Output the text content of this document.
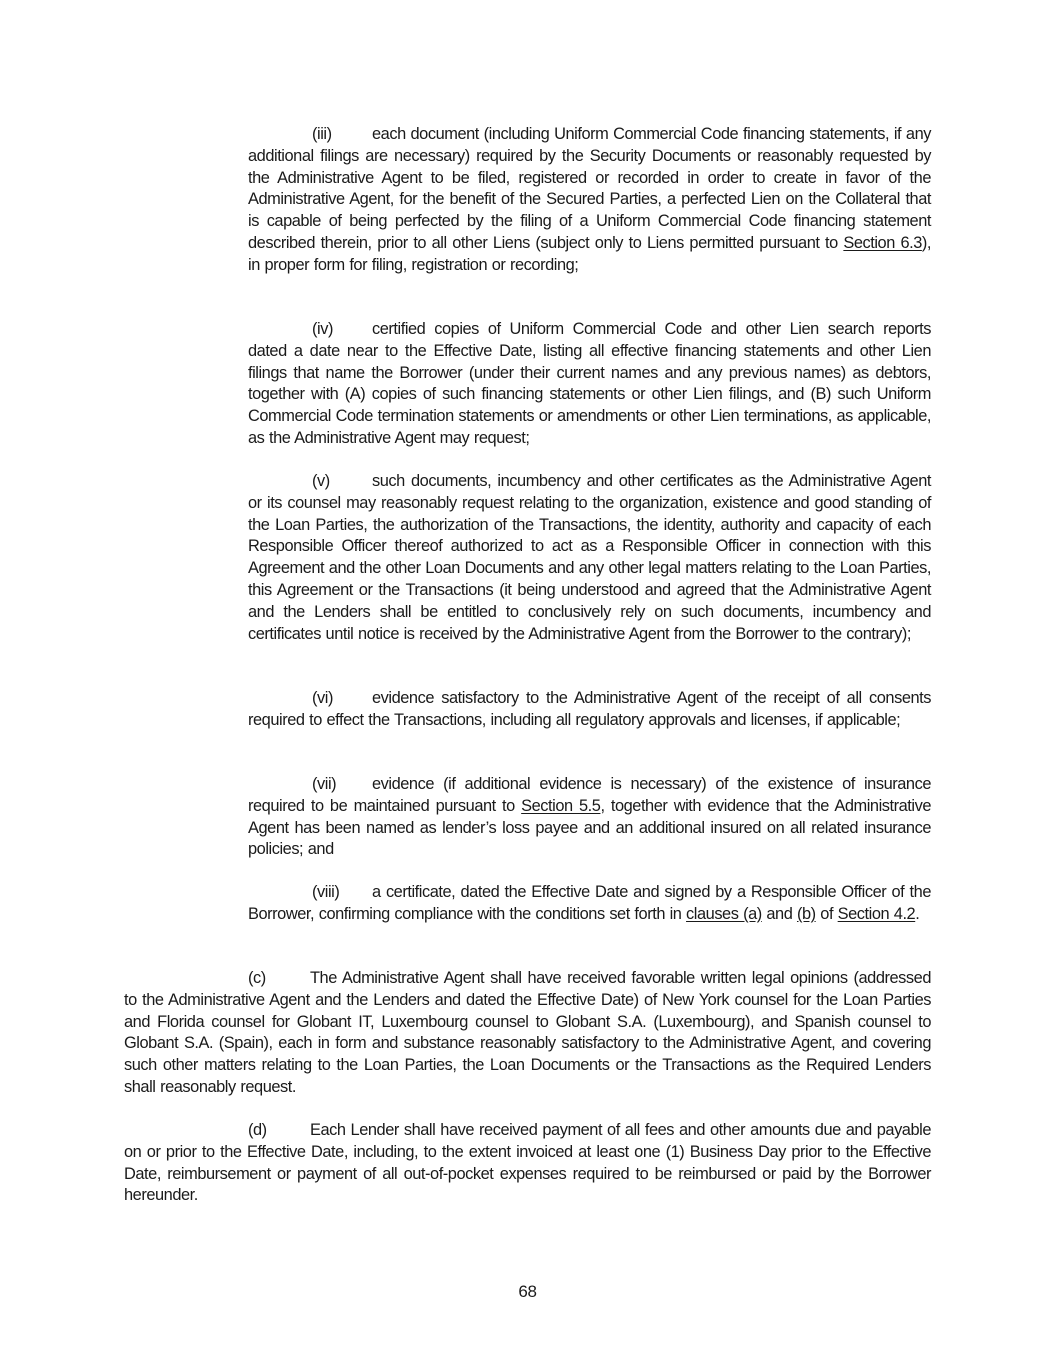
(iii) each document (including Uniform Commercial Code financing statements, if any additional filings are necessary) required by the Security Documents or reasonably requested by the Administrative Agent to be filed, registered or recorded in order to create in favor of the Administrative Agent, for the benefit of the Secured Parties, a perfected Lien on the Collateral that is capable of being perfected by the filing of a Uniform Commercial Code financing statement described therein, prior to all other Liens (subject only to Liens permitted pursuant to Section 6.3), in proper form for filing, registration or recording;

(iv) certified copies of Uniform Commercial Code and other Lien search reports dated a date near to the Effective Date, listing all effective financing statements and other Lien filings that name the Borrower (under their current names and any previous names) as debtors, together with (A) copies of such financing statements or other Lien filings, and (B) such Uniform Commercial Code termination statements or amendments or other Lien terminations, as applicable, as the Administrative Agent may request;

(v)	such documents, incumbency and other certificates as the Administrative Agent or its counsel may reasonably request relating to the organization, existence and good standing of the Loan Parties, the authorization of the Transactions, the identity, authority and capacity of each Responsible Officer thereof authorized to act as a Responsible Officer in connection with this Agreement and the other Loan Documents and any other legal matters relating to the Loan Parties, this Agreement or the Transactions (it being understood and agreed that the Administrative Agent and the Lenders shall be entitled to conclusively rely on such documents, incumbency and certificates until notice is received by the Administrative Agent from the Borrower to the contrary);

(vi) evidence satisfactory to the Administrative Agent of the receipt of all consents required to effect the Transactions, including all regulatory approvals and licenses, if applicable;

(vii) evidence (if additional evidence is necessary) of the existence of insurance required to be maintained pursuant to Section 5.5, together with evidence that the Administrative Agent has been named as lender’s loss payee and an additional insured on all related insurance policies; and

(viii) a certificate, dated the Effective Date and signed by a Responsible Officer of the Borrower, confirming compliance with the conditions set forth in clauses (a) and (b) of Section 4.2.

(c)	The Administrative Agent shall have received favorable written legal opinions (addressed to the Administrative Agent and the Lenders and dated the Effective Date) of New York counsel for the Loan Parties and Florida counsel for Globant IT, Luxembourg counsel to Globant S.A. (Luxembourg), and Spanish counsel to Globant S.A. (Spain), each in form and substance reasonably satisfactory to the Administrative Agent, and covering such other matters relating to the Loan Parties, the Loan Documents or the Transactions as the Required Lenders shall reasonably request.

(d)	Each Lender shall have received payment of all fees and other amounts due and payable on or prior to the Effective Date, including, to the extent invoiced at least one (1) Business Day prior to the Effective Date, reimbursement or payment of all out-of-pocket expenses required to be reimbursed or paid by the Borrower hereunder.

68
